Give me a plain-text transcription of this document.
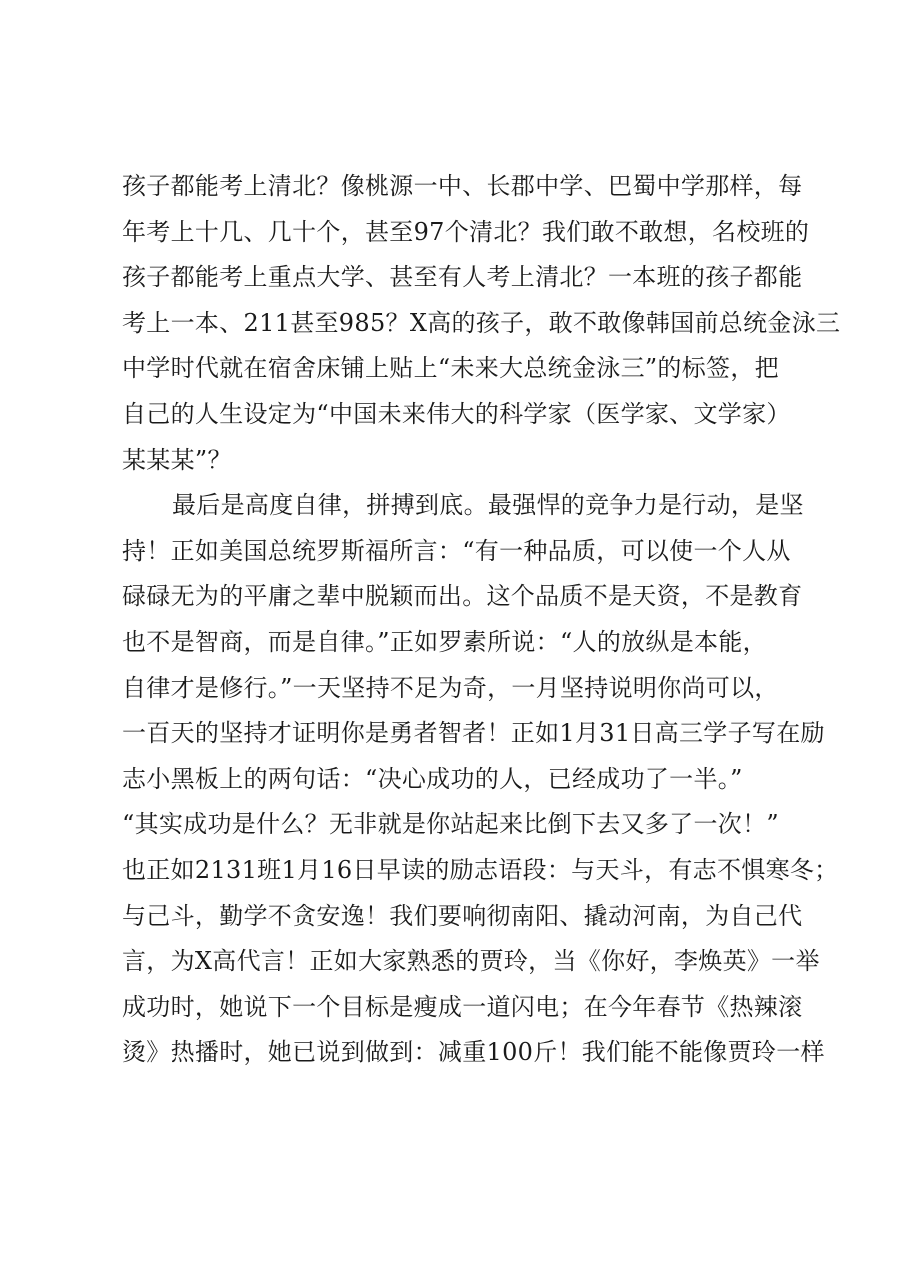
孩子都能考上清北？像桃源一中、长郡中学、巴蜀中学那样，每
年考上十几、几十个，甚至97个清北？我们敢不敢想，名校班的
孩子都能考上重点大学、甚至有人考上清北？一本班的孩子都能
考上一本、211甚至985？X高的孩子，敢不敢像韩国前总统金泳三
中学时代就在宿舍床铺上贴上“未来大总统金泳三”的标签，把
自己的人生设定为“中国未来伟大的科学家（医学家、文学家）
某某某”？
最后是高度自律，拼搏到底。最强悍的竞争力是行动，是坚
持！正如美国总统罗斯福所言：“有一种品质，可以使一个人从
碌碌无为的平庸之辈中脱颖而出。这个品质不是天资，不是教育
也不是智商，而是自律。”正如罗素所说：“人的放纵是本能，
自律才是修行。”一天坚持不足为奇，一月坚持说明你尚可以，
一百天的坚持才证明你是勇者智者！正如1月31日高三学子写在励
志小黑板上的两句话：“决心成功的人，已经成功了一半。”
“其实成功是什么？无非就是你站起来比倒下去又多了一次！”
也正如2131班1月16日早读的励志语段：与天斗，有志不惧寒冬；
与己斗，勤学不贪安逸！我们要响彻南阳、撬动河南，为自己代
言，为X高代言！正如大家熟悉的贾玲，当《你好，李焕英》一举
成功时，她说下一个目标是瘦成一道闪电；在今年春节《热辣滚
烫》热播时，她已说到做到：减重100斤！我们能不能像贾玲一样
